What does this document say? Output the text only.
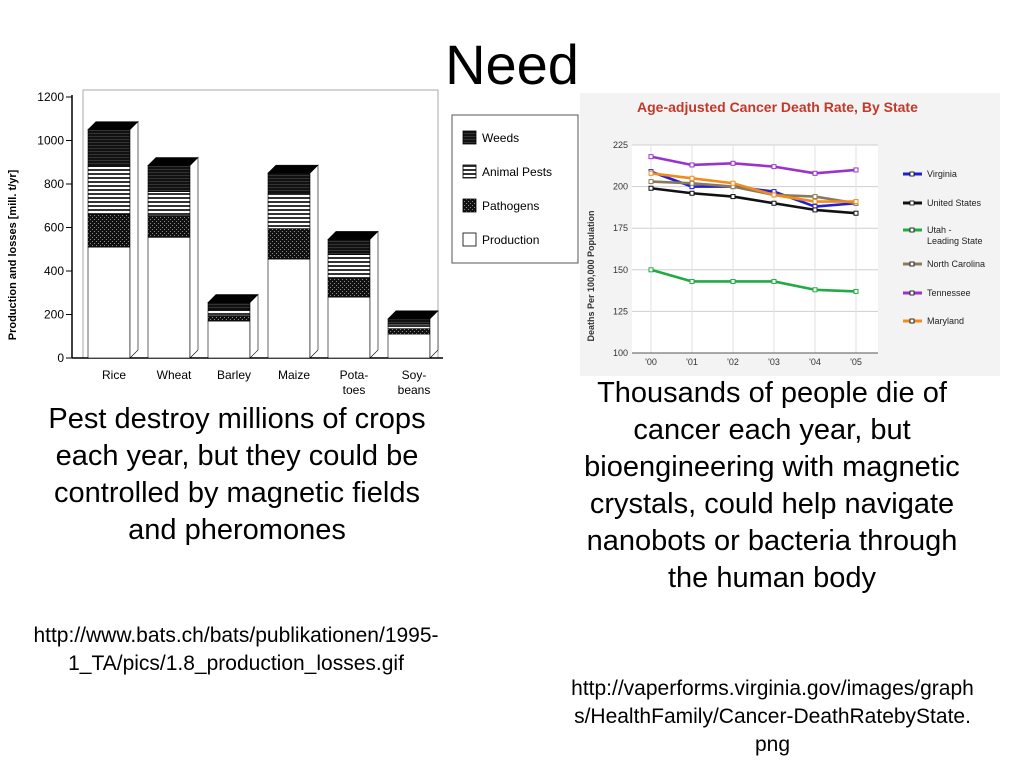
Need
0
200
400
600
800
1000
1200
Production and losses [mill. t/yr]
Rice	Wheat Barley Maize Pota-toes
Soy-beans
Weeds
Animal Pests
Pathogens
Production
Age-adjusted Cancer Death Rate, By State
Deaths Per 100,000 Population
100
125
150
175
200
225
'00	'01	'02	'03	'04	'05
Virginia
United States
Utah -Leading State
North Carolina
Tennessee
Maryland
Pest destroy millions of crops each year, but they could be controlled by magnetic fields and pheromones
http://www.bats.ch/bats/publikationen/1995-1_TA/pics/1.8_production_losses.gif
Thousands of people die of cancer each year, but bioengineering with magnetic crystals, could help navigate nanobots or bacteria through the human body
http://vaperforms.virginia.gov/images/graphs/HealthFamily/Cancer-DeathRatebyState.png
